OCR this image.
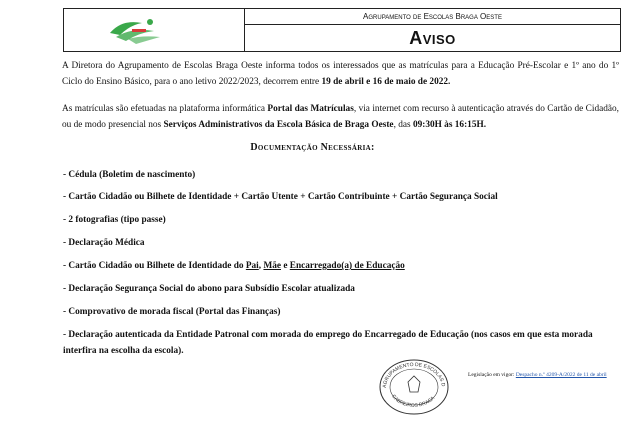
Agrupamento de Escolas Braga Oeste
Aviso
A Diretora do Agrupamento de Escolas Braga Oeste informa todos os interessados que as matrículas para a Educação Pré-Escolar e 1º ano do 1º Ciclo do Ensino Básico, para o ano letivo 2022/2023, decorrem entre 19 de abril e 16 de maio de 2022.
As matrículas são efetuadas na plataforma informática Portal das Matrículas, via internet com recurso à autenticação através do Cartão de Cidadão, ou de modo presencial nos Serviços Administrativos da Escola Básica de Braga Oeste, das 09:30H às 16:15H.
Documentação Necessária:
- Cédula (Boletim de nascimento)
- Cartão Cidadão ou Bilhete de Identidade + Cartão Utente + Cartão Contribuinte + Cartão Segurança Social
- 2 fotografias (tipo passe)
- Declaração Médica
- Cartão Cidadão ou Bilhete de Identidade do Pai, Mãe e Encarregado(a) de Educação
- Declaração Segurança Social do abono para Subsídio Escolar atualizada
- Comprovativo de morada fiscal (Portal das Finanças)
- Declaração autenticada da Entidade Patronal com morada do emprego do Encarregado de Educação (nos casos em que esta morada interfira na escolha da escola).
AGRUPAMENTO DE ESCOLAS D
CABREIROS BRAGA
Legislação em vigor: Despacho n.º 4209-A/2022 de 11 de abril
